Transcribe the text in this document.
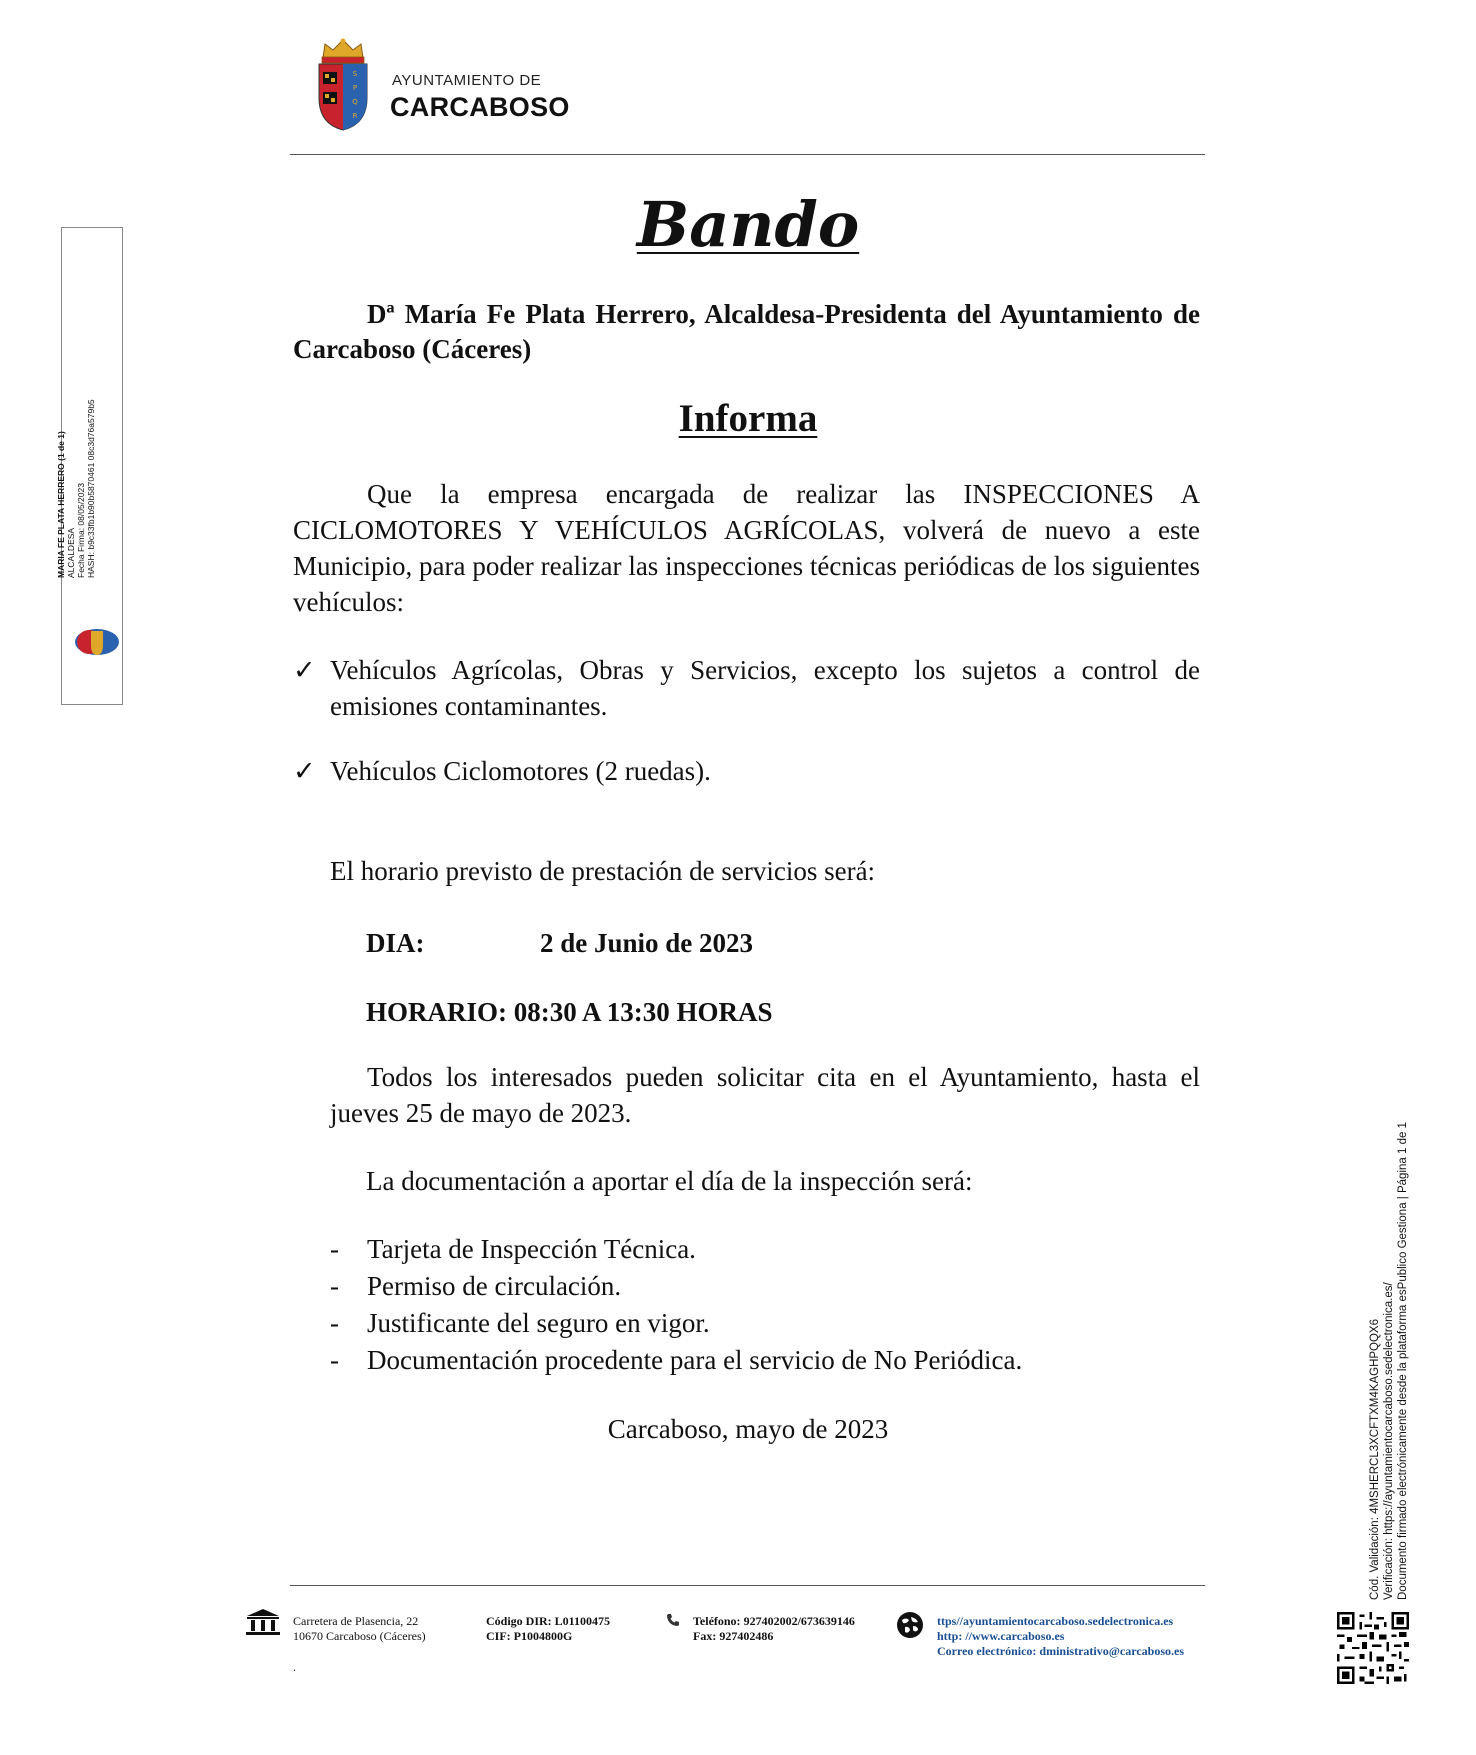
S
P
Q
R
AYUNTAMIENTO DE
CARCABOSO
Bando
Dª María Fe Plata Herrero, Alcaldesa-Presidenta del Ayuntamiento de Carcaboso (Cáceres)
Informa
Que la empresa encargada de realizar las INSPECCIONES A CICLOMOTORES Y VEHÍCULOS AGRÍCOLAS, volverá de nuevo a este Municipio, para poder realizar las inspecciones técnicas periódicas de los siguientes vehículos:
✓ Vehículos Agrícolas, Obras y Servicios, excepto los sujetos a control de emisiones contaminantes.
✓ Vehículos Ciclomotores (2 ruedas).
El horario previsto de prestación de servicios será:
DIA:	2 de Junio de 2023
HORARIO: 08:30 A 13:30 HORAS
Todos los interesados pueden solicitar cita en el Ayuntamiento, hasta el jueves 25 de mayo de 2023.
La documentación a aportar el día de la inspección será:
- Tarjeta de Inspección Técnica.
- Permiso de circulación.
- Justificante del seguro en vigor.
- Documentación procedente para el servicio de No Periódica.
Carcaboso, mayo de 2023
MARIA FE PLATA HERRERO (1 de 1) ALCALDESA Fecha Firma: 08/05/2023 HASH: b9c33fb1b90b5870461 08c3d76a579b5
Cód. Validación: 4MSHERCL3XCFTXM4KAGHPQQX6 Verificación: https://ayuntamientocarcaboso.sedelectronica.es/ Documento firmado electrónicamente desde la plataforma esPublico Gestiona | Página 1 de 1
Carretera de Plasencia, 22
10670 Carcaboso (Cáceres)
Código DIR: L01100475
CIF: P1004800G
Teléfono: 927402002/673639146
Fax: 927402486
ttps//ayuntamientocarcaboso.sedelectronica.es
http: //www.carcaboso.es
Correo electrónico: dministrativo@carcaboso.es
.
